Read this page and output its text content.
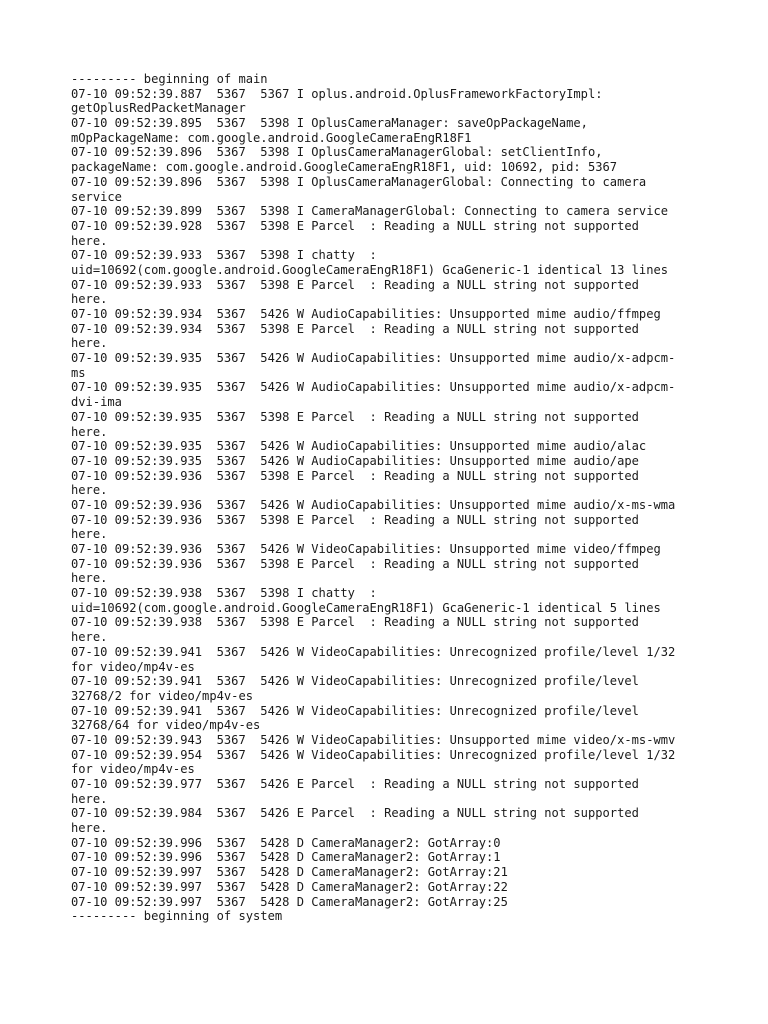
--------- beginning of main
07-10 09:52:39.887  5367  5367 I oplus.android.OplusFrameworkFactoryImpl:
getOplusRedPacketManager
07-10 09:52:39.895  5367  5398 I OplusCameraManager: saveOpPackageName,
mOpPackageName: com.google.android.GoogleCameraEngR18F1
07-10 09:52:39.896  5367  5398 I OplusCameraManagerGlobal: setClientInfo,
packageName: com.google.android.GoogleCameraEngR18F1, uid: 10692, pid: 5367
07-10 09:52:39.896  5367  5398 I OplusCameraManagerGlobal: Connecting to camera
service
07-10 09:52:39.899  5367  5398 I CameraManagerGlobal: Connecting to camera service
07-10 09:52:39.928  5367  5398 E Parcel  : Reading a NULL string not supported
here.
07-10 09:52:39.933  5367  5398 I chatty  :
uid=10692(com.google.android.GoogleCameraEngR18F1) GcaGeneric-1 identical 13 lines
07-10 09:52:39.933  5367  5398 E Parcel  : Reading a NULL string not supported
here.
07-10 09:52:39.934  5367  5426 W AudioCapabilities: Unsupported mime audio/ffmpeg
07-10 09:52:39.934  5367  5398 E Parcel  : Reading a NULL string not supported
here.
07-10 09:52:39.935  5367  5426 W AudioCapabilities: Unsupported mime audio/x-adpcm-
ms
07-10 09:52:39.935  5367  5426 W AudioCapabilities: Unsupported mime audio/x-adpcm-
dvi-ima
07-10 09:52:39.935  5367  5398 E Parcel  : Reading a NULL string not supported
here.
07-10 09:52:39.935  5367  5426 W AudioCapabilities: Unsupported mime audio/alac
07-10 09:52:39.935  5367  5426 W AudioCapabilities: Unsupported mime audio/ape
07-10 09:52:39.936  5367  5398 E Parcel  : Reading a NULL string not supported
here.
07-10 09:52:39.936  5367  5426 W AudioCapabilities: Unsupported mime audio/x-ms-wma
07-10 09:52:39.936  5367  5398 E Parcel  : Reading a NULL string not supported
here.
07-10 09:52:39.936  5367  5426 W VideoCapabilities: Unsupported mime video/ffmpeg
07-10 09:52:39.936  5367  5398 E Parcel  : Reading a NULL string not supported
here.
07-10 09:52:39.938  5367  5398 I chatty  :
uid=10692(com.google.android.GoogleCameraEngR18F1) GcaGeneric-1 identical 5 lines
07-10 09:52:39.938  5367  5398 E Parcel  : Reading a NULL string not supported
here.
07-10 09:52:39.941  5367  5426 W VideoCapabilities: Unrecognized profile/level 1/32
for video/mp4v-es
07-10 09:52:39.941  5367  5426 W VideoCapabilities: Unrecognized profile/level
32768/2 for video/mp4v-es
07-10 09:52:39.941  5367  5426 W VideoCapabilities: Unrecognized profile/level
32768/64 for video/mp4v-es
07-10 09:52:39.943  5367  5426 W VideoCapabilities: Unsupported mime video/x-ms-wmv
07-10 09:52:39.954  5367  5426 W VideoCapabilities: Unrecognized profile/level 1/32
for video/mp4v-es
07-10 09:52:39.977  5367  5426 E Parcel  : Reading a NULL string not supported
here.
07-10 09:52:39.984  5367  5426 E Parcel  : Reading a NULL string not supported
here.
07-10 09:52:39.996  5367  5428 D CameraManager2: GotArray:0
07-10 09:52:39.996  5367  5428 D CameraManager2: GotArray:1
07-10 09:52:39.997  5367  5428 D CameraManager2: GotArray:21
07-10 09:52:39.997  5367  5428 D CameraManager2: GotArray:22
07-10 09:52:39.997  5367  5428 D CameraManager2: GotArray:25
--------- beginning of system
